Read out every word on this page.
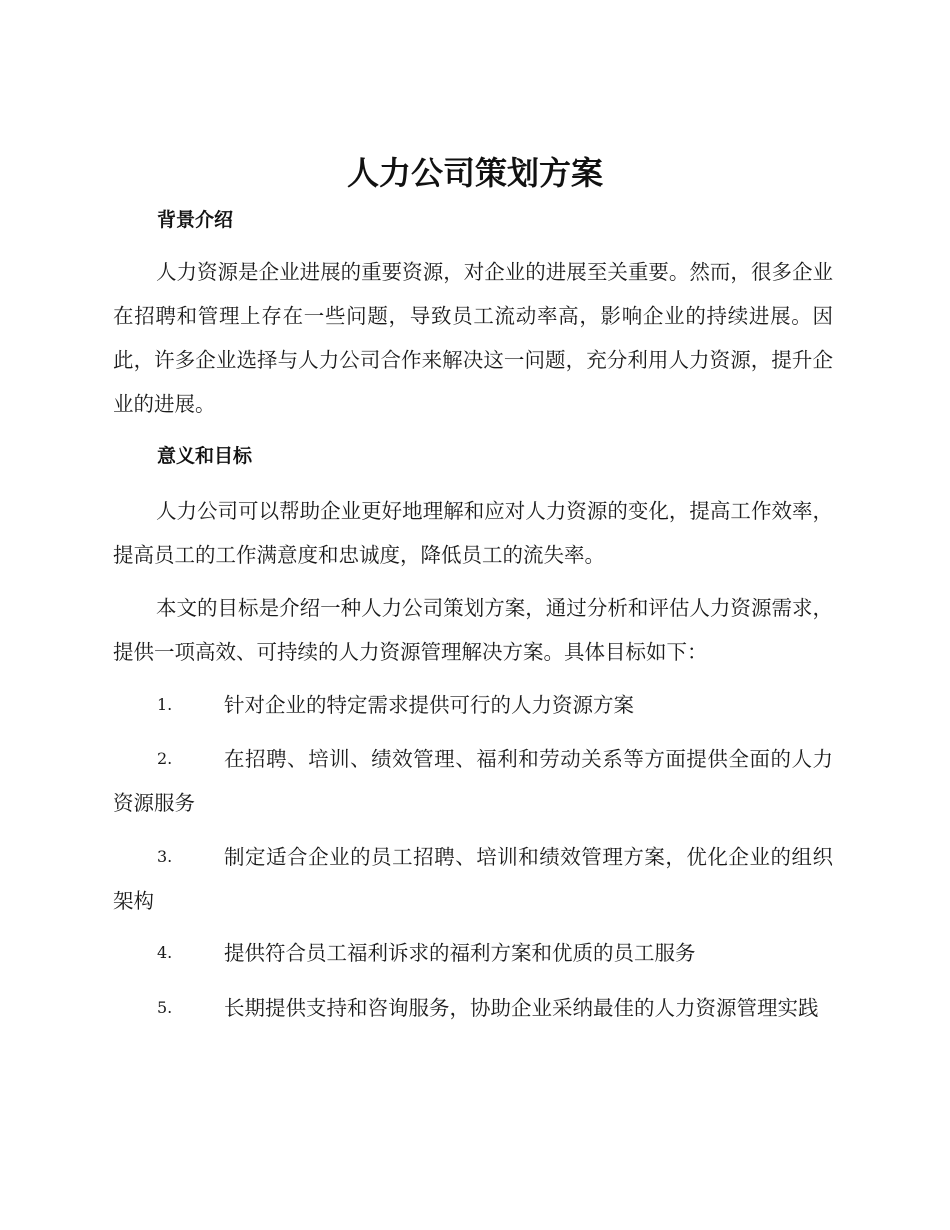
人力公司策划方案
背景介绍

人力资源是企业进展的重要资源，对企业的进展至关重要。然而，很多企业在招聘和管理上存在一些问题，导致员工流动率高，影响企业的持续进展。因此，许多企业选择与人力公司合作来解决这一问题，充分利用人力资源，提升企业的进展。

意义和目标

人力公司可以帮助企业更好地理解和应对人力资源的变化，提高工作效率，提高员工的工作满意度和忠诚度，降低员工的流失率。

本文的目标是介绍一种人力公司策划方案，通过分析和评估人力资源需求，提供一项高效、可持续的人力资源管理解决方案。具体目标如下：

1.	针对企业的特定需求提供可行的人力资源方案
2.	在招聘、培训、绩效管理、福利和劳动关系等方面提供全面的人力资源服务
3.	制定适合企业的员工招聘、培训和绩效管理方案，优化企业的组织架构
4.	提供符合员工福利诉求的福利方案和优质的员工服务
5.	长期提供支持和咨询服务，协助企业采纳最佳的人力资源管理实践
